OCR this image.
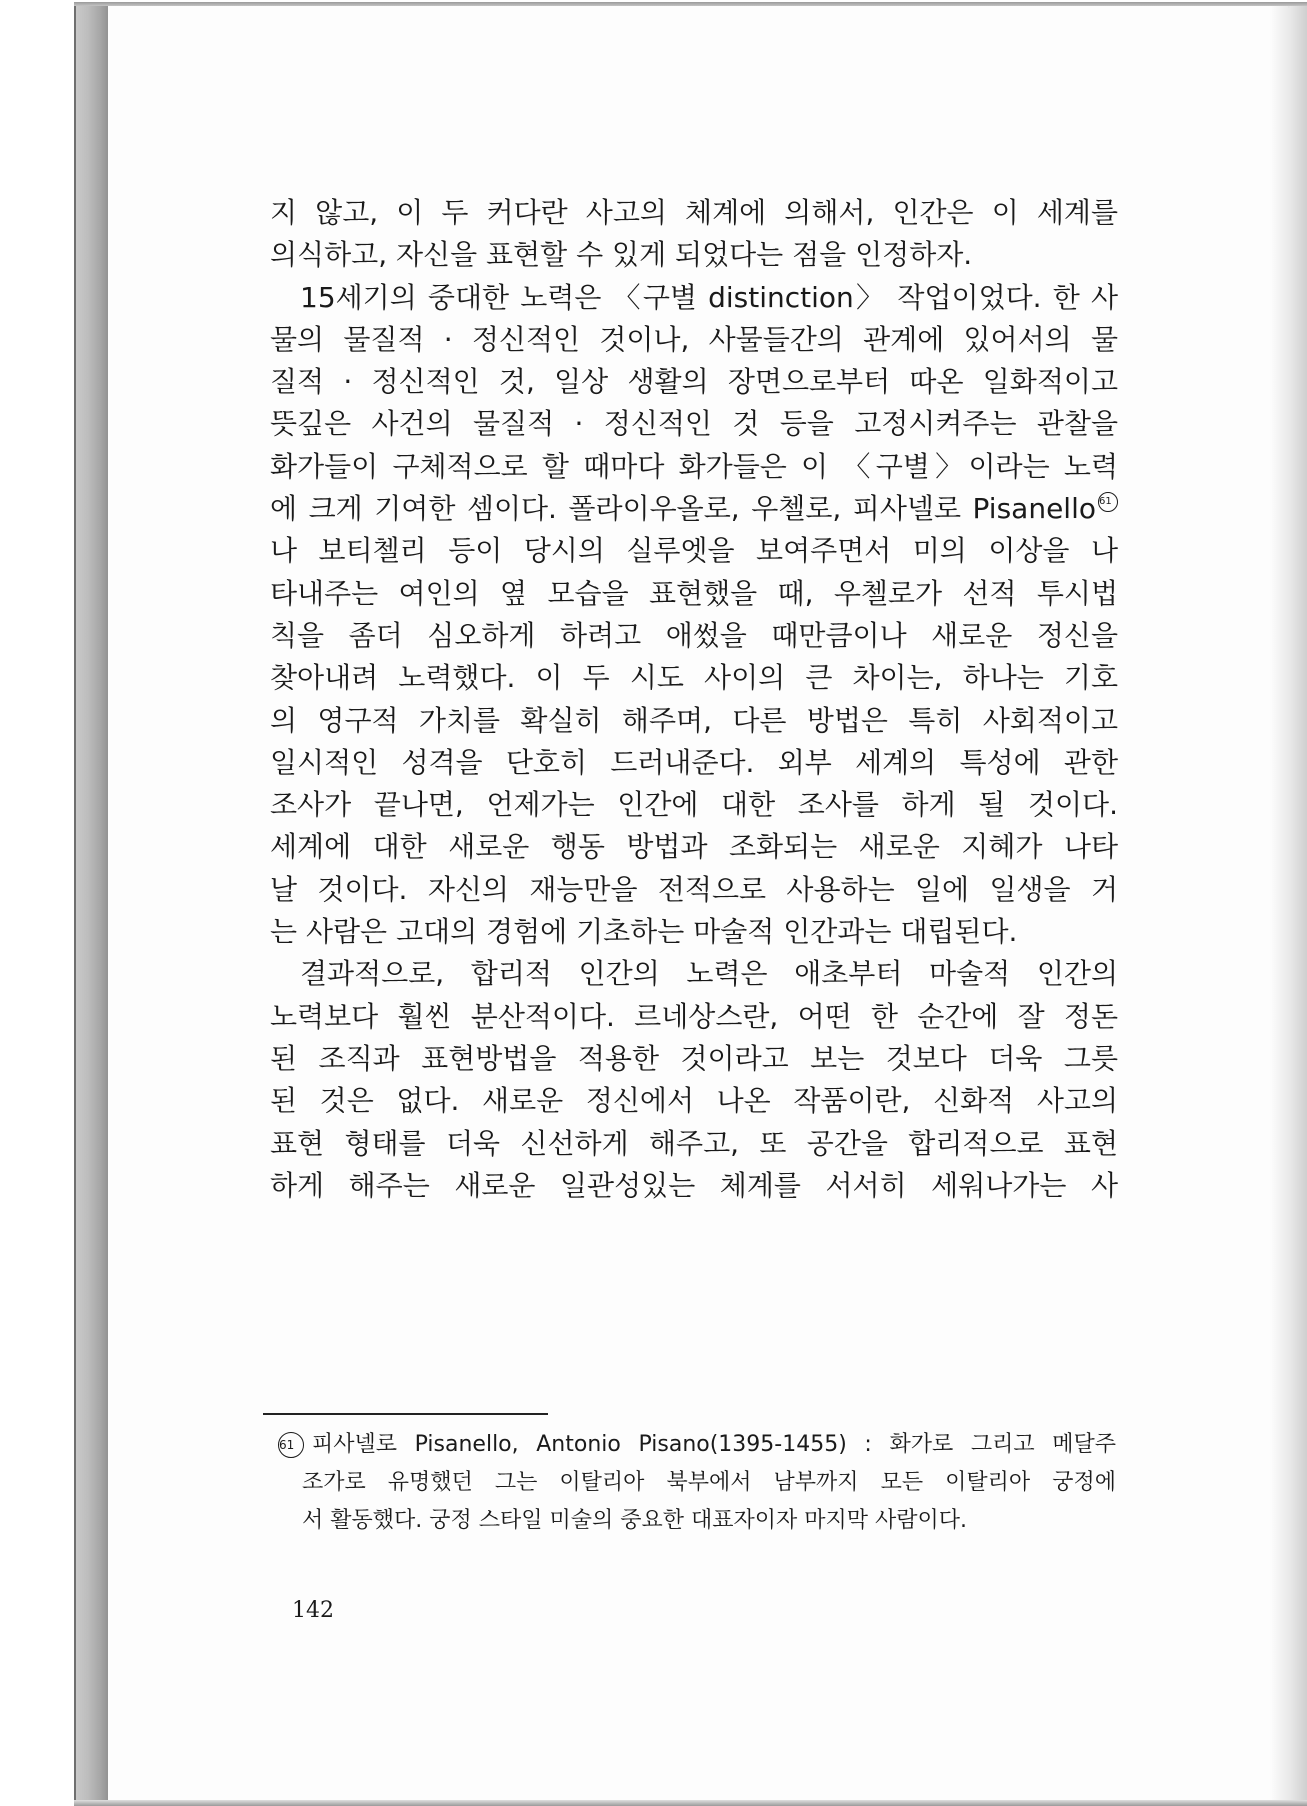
지 않고, 이 두 커다란 사고의 체계에 의해서, 인간은 이 세계를
의식하고, 자신을 표현할 수 있게 되었다는 점을 인정하자.
15세기의 중대한 노력은 〈구별 distinction〉 작업이었다. 한 사
물의 물질적 · 정신적인 것이나, 사물들간의 관계에 있어서의 물
질적 · 정신적인 것, 일상 생활의 장면으로부터 따온 일화적이고
뜻깊은 사건의 물질적 · 정신적인 것 등을 고정시켜주는 관찰을
화가들이 구체적으로 할 때마다 화가들은 이 〈구별〉이라는 노력
에 크게 기여한 셈이다. 폴라이우올로, 우첼로, 피사넬로 Pisanello 61
나 보티첼리 등이 당시의 실루엣을 보여주면서 미의 이상을 나
타내주는 여인의 옆 모습을 표현했을 때, 우첼로가 선적 투시법
칙을 좀더 심오하게 하려고 애썼을 때만큼이나 새로운 정신을
찾아내려 노력했다. 이 두 시도 사이의 큰 차이는, 하나는 기호
의 영구적 가치를 확실히 해주며, 다른 방법은 특히 사회적이고
일시적인 성격을 단호히 드러내준다. 외부 세계의 특성에 관한
조사가 끝나면, 언제가는 인간에 대한 조사를 하게 될 것이다.
세계에 대한 새로운 행동 방법과 조화되는 새로운 지혜가 나타
날 것이다. 자신의 재능만을 전적으로 사용하는 일에 일생을 거
는 사람은 고대의 경험에 기초하는 마술적 인간과는 대립된다.
결과적으로, 합리적 인간의 노력은 애초부터 마술적 인간의
노력보다 훨씬 분산적이다. 르네상스란, 어떤 한 순간에 잘 정돈
된 조직과 표현방법을 적용한 것이라고 보는 것보다 더욱 그릇
된 것은 없다. 새로운 정신에서 나온 작품이란, 신화적 사고의
표현 형태를 더욱 신선하게 해주고, 또 공간을 합리적으로 표현
하게 해주는 새로운 일관성있는 체계를 서서히 세워나가는 사
61 피사넬로 Pisanello, Antonio Pisano(1395-1455) : 화가로 그리고 메달주
조가로 유명했던 그는 이탈리아 북부에서 남부까지 모든 이탈리아 궁정에
서 활동했다. 궁정 스타일 미술의 중요한 대표자이자 마지막 사람이다.
142
